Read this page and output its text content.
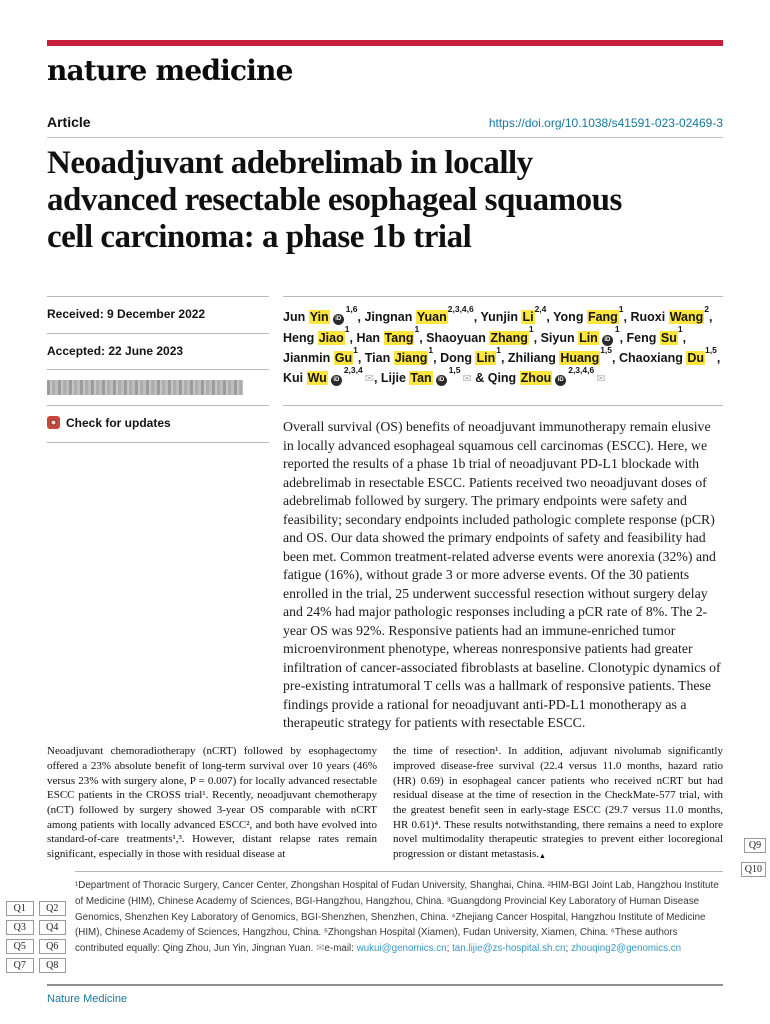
nature medicine
Article	https://doi.org/10.1038/s41591-023-02469-3
Neoadjuvant adebrelimab in locally advanced resectable esophageal squamous cell carcinoma: a phase 1b trial
Received: 9 December 2022
Accepted: 22 June 2023
Check for updates
Jun Yin iD$^{1,6}$, Jingnan Yuan$^{2,3,4,6}$, Yunjin Li$^{2,4}$, Yong Fang$^1$, Ruoxi Wang$^2$, Heng Jiao$^1$, Han Tang$^1$, Shaoyuan Zhang$^1$, Siyun Lin $iD^1$, Feng Su$^1$, Jianmin Gu$^1$, Tian Jiang$^1$, Dong Lin$^1$, Zhiliang Huang$^{1,5}$, Chaoxiang Du$^{1,5}$, Kui Wu iD$^{2,3,4}$✉, Lijie Tan iD$^{1,5}$✉ & Qing Zhou iD$^{2,3,4,6}$✉

Overall survival (OS) benefits of neoadjuvant immunotherapy remain elusive in locally advanced esophageal squamous cell carcinomas (ESCC). Here, we reported the results of a phase 1b trial of neoadjuvant PD-L1 blockade with adebrelimab in resectable ESCC. Patients received two neoadjuvant doses of adebrelimab followed by surgery. The primary endpoints were safety and feasibility; secondary endpoints included pathologic complete response (pCR) and OS. Our data showed the primary endpoints of safety and feasibility had been met. Common treatment-related adverse events were anorexia (32%) and fatigue (16%), without grade 3 or more adverse events. Of the 30 patients enrolled in the trial, 25 underwent successful resection without surgery delay and 24% had major pathologic responses including a pCR rate of 8%. The 2-year OS was 92%. Responsive patients had an immune-enriched tumor microenvironment phenotype, whereas nonresponsive patients had greater infiltration of cancer-associated fibroblasts at baseline. Clonotypic dynamics of pre-existing intratumoral T cells was a hallmark of responsive patients. These findings provide a rational for neoadjuvant anti-PD-L1 monotherapy as a therapeutic strategy for patients with resectable ESCC.

Neoadjuvant chemoradiotherapy (nCRT) followed by esophagectomy offered a 23% absolute benefit of long-term survival over 10 years (46% versus 23% with surgery alone, P = 0.007) for locally advanced resectable ESCC patients in the CROSS trial¹. Recently, neoadjuvant chemotherapy (nCT) followed by surgery showed 3-year OS comparable with nCRT among patients with locally advanced ESCC², and both have evolved into standard-of-care treatments¹,³. However, distant relapse rates remain significant, especially in those with residual disease at
the time of resection¹. In addition, adjuvant nivolumab significantly improved disease-free survival (22.4 versus 11.0 months, hazard ratio (HR) 0.69) in esophageal cancer patients who received nCRT but had residual disease at the time of resection in the CheckMate-577 trial, with the greatest benefit seen in early-stage ESCC (29.7 versus 11.0 months, HR 0.61)⁴. These results notwithstanding, there remains a need to explore novel multimodality therapeutic strategies to prevent either locoregional progression or distant metastasis.▲
¹Department of Thoracic Surgery, Cancer Center, Zhongshan Hospital of Fudan University, Shanghai, China. ²HIM-BGI Joint Lab, Hangzhou Institute of Medicine (HIM), Chinese Academy of Sciences, BGI-Hangzhou, Hangzhou, China. ³Guangdong Provincial Key Laboratory of Human Disease Genomics, Shenzhen Key Laboratory of Genomics, BGI-Shenzhen, Shenzhen, China. ⁴Zhejiang Cancer Hospital, Hangzhou Institute of Medicine (HIM), Chinese Academy of Sciences, Hangzhou, China. ⁵Zhongshan Hospital (Xiamen), Fudan University, Xiamen, China. ⁶These authors contributed equally: Qing Zhou, Jun Yin, Jingnan Yuan. ✉e-mail: wukui@genomics.cn; tan.lijie@zs-hospital.sh.cn; zhouqing2@genomics.cn
Q1	Q2
Q3	Q4
Q5	Q6
Q7	Q8
Q9
Q10
Nature Medicine
